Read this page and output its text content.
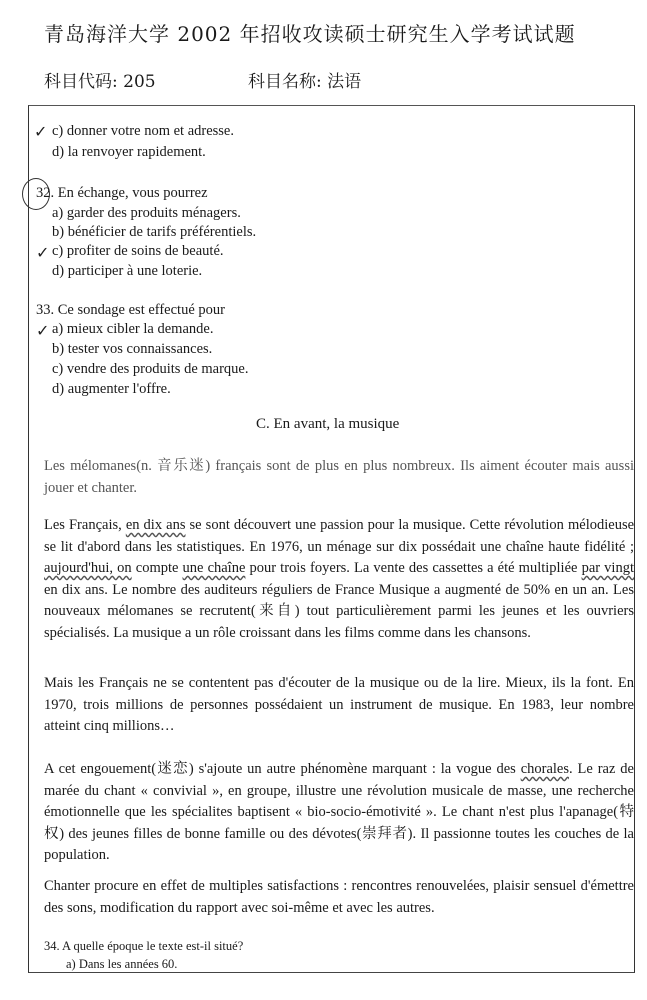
青岛海洋大学 2002 年招收攻读硕士研究生入学考试试题
科目代码: 205	科目名称: 法语
✓ c) donner votre nom et adresse.
d) la renvoyer rapidement.
32. En échange, vous pourrez
a) garder des produits ménagers.
b) bénéficier de tarifs préférentiels.
✓ c) profiter de soins de beauté.
d) participer à une loterie.
33. Ce sondage est effectué pour
✓ a) mieux cibler la demande.
b) tester vos connaissances.
c) vendre des produits de marque.
d) augmenter l'offre.
C. En avant, la musique
Les mélomanes(n. 音乐迷) français sont de plus en plus nombreux. Ils aiment écouter mais aussi jouer et chanter.
Les Français, en dix ans se sont découvert une passion pour la musique. Cette révolution mélodieuse se lit d'abord dans les statistiques. En 1976, un ménage sur dix possédait une chaîne haute fidélité ; aujourd'hui, on compte une chaîne pour trois foyers. La vente des cassettes a été multipliée par vingt en dix ans. Le nombre des auditeurs réguliers de France Musique a augmenté de 50% en un an. Les nouveaux mélomanes se recrutent(来自) tout particulièrement parmi les jeunes et les ouvriers spécialisés. La musique a un rôle croissant dans les films comme dans les chansons.
Mais les Français ne se contentent pas d'écouter de la musique ou de la lire. Mieux, ils la font. En 1970, trois millions de personnes possédaient un instrument de musique. En 1983, leur nombre atteint cinq millions…
A cet engouement(迷恋) s'ajoute un autre phénomène marquant : la vogue des chorales. Le raz de marée du chant « convivial », en groupe, illustre une révolution musicale de masse, une recherche émotionnelle que les spécialites baptisent « bio-socio-émotivité ». Le chant n'est plus l'apanage(特权) des jeunes filles de bonne famille ou des dévotes(崇拜者). Il passionne toutes les couches de la population.
Chanter procure en effet de multiples satisfactions : rencontres renouvelées, plaisir sensuel d'émettre des sons, modification du rapport avec soi-même et avec les autres.
34. A quelle époque le texte est-il situé?
a) Dans les années 60.
